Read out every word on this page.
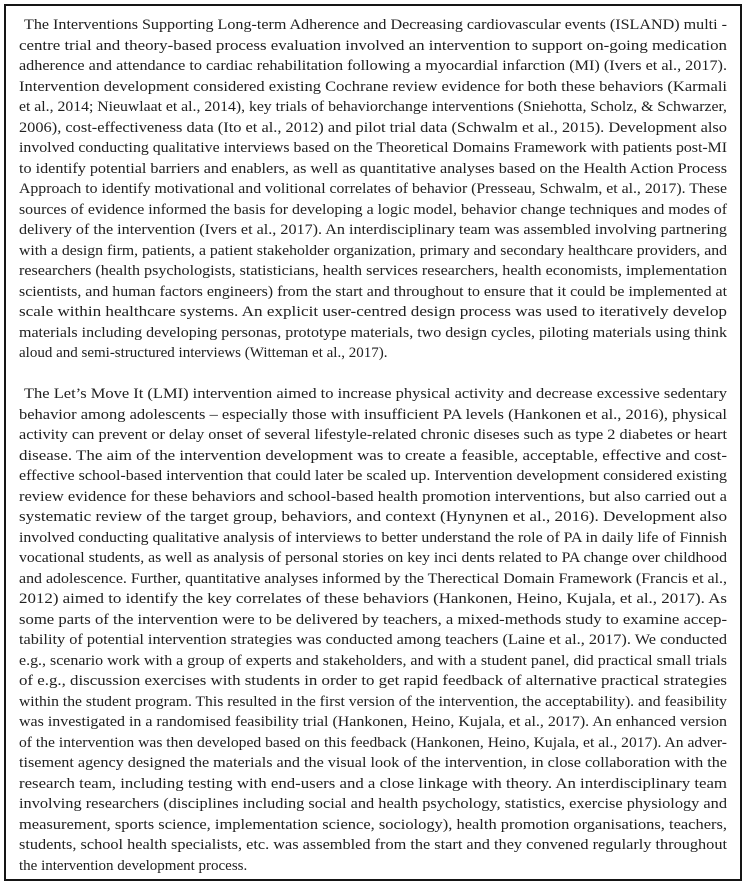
The Interventions Supporting Long-term Adherence and Decreasing cardiovascular events (ISLAND) multi -
centre trial and theory-based process evaluation involved an intervention to support on-going medication
adherence and attendance to cardiac rehabilitation following a myocardial infarction (MI) (Ivers et al., 2017).
Intervention development considered existing Cochrane review evidence for both these behaviors (Karmali
et al., 2014; Nieuwlaat et al., 2014), key trials of behaviorchange interventions (Sniehotta, Scholz, & Schwarzer,
2006), cost-effectiveness data (Ito et al., 2012) and pilot trial data (Schwalm et al., 2015). Development also
involved conducting qualitative interviews based on the Theoretical Domains Framework with patients post-MI
to identify potential barriers and enablers, as well as quantitative analyses based on the Health Action Process
Approach to identify motivational and volitional correlates of behavior (Presseau, Schwalm, et al., 2017). These
sources of evidence informed the basis for developing a logic model, behavior change techniques and modes of
delivery of the intervention (Ivers et al., 2017). An interdisciplinary team was assembled involving partnering
with a design firm, patients, a patient stakeholder organization, primary and secondary healthcare providers, and
researchers (health psychologists, statisticians, health services researchers, health economists, implementation
scientists, and human factors engineers) from the start and throughout to ensure that it could be implemented at
scale within healthcare systems. An explicit user-centred design process was used to iteratively develop
materials including developing personas, prototype materials, two design cycles, piloting materials using think
aloud and semi-structured interviews (Witteman et al., 2017).
The Let’s Move It (LMI) intervention aimed to increase physical activity and decrease excessive sedentary
behavior among adolescents – especially those with insufficient PA levels (Hankonen et al., 2016), physical
activity can prevent or delay onset of several lifestyle-related chronic diseses such as type 2 diabetes or heart
disease. The aim of the intervention development was to create a feasible, acceptable, effective and cost-
effective school-based intervention that could later be scaled up. Intervention development considered existing
review evidence for these behaviors and school-based health promotion interventions, but also carried out a
systematic review of the target group, behaviors, and context (Hynynen et al., 2016). Development also
involved conducting qualitative analysis of interviews to better understand the role of PA in daily life of Finnish
vocational students, as well as analysis of personal stories on key inci dents related to PA change over childhood
and adolescence. Further, quantitative analyses informed by the Therectical Domain Framework (Francis et al.,
2012) aimed to identify the key correlates of these behaviors (Hankonen, Heino, Kujala, et al., 2017). As
some parts of the intervention were to be delivered by teachers, a mixed-methods study to examine accep-
tability of potential intervention strategies was conducted among teachers (Laine et al., 2017). We conducted
e.g., scenario work with a group of experts and stakeholders, and with a student panel, did practical small trials
of e.g., discussion exercises with students in order to get rapid feedback of alternative practical strategies
within the student program. This resulted in the first version of the intervention, the acceptability). and feasibility
was investigated in a randomised feasibility trial (Hankonen, Heino, Kujala, et al., 2017). An enhanced version
of the intervention was then developed based on this feedback (Hankonen, Heino, Kujala, et al., 2017). An adver-
tisement agency designed the materials and the visual look of the intervention, in close collaboration with the
research team, including testing with end-users and a close linkage with theory. An interdisciplinary team
involving researchers (disciplines including social and health psychology, statistics, exercise physiology and
measurement, sports science, implementation science, sociology), health promotion organisations, teachers,
students, school health specialists, etc. was assembled from the start and they convened regularly throughout
the intervention development process.
